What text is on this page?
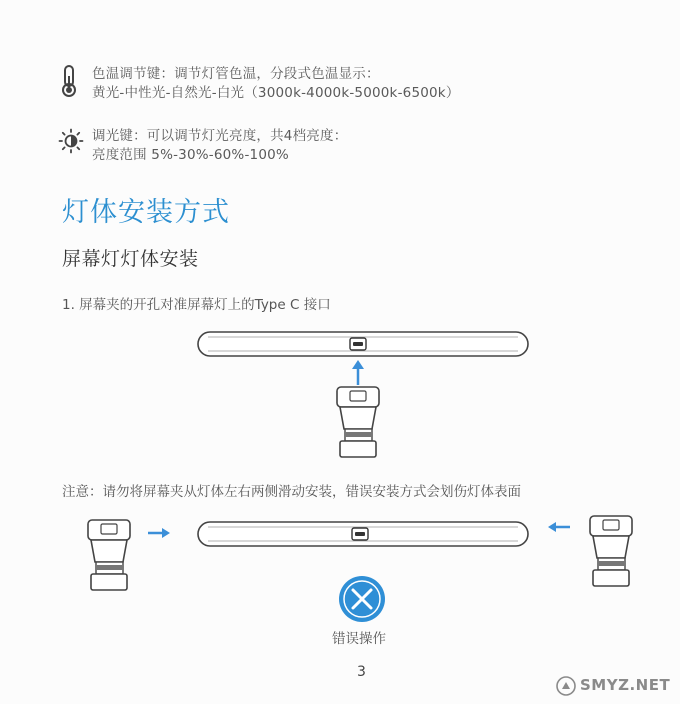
色温调节键：调节灯管色温，分段式色温显示：
黄光-中性光-自然光-白光（3000k-4000k-5000k-6500k）
调光键：可以调节灯光亮度，共4档亮度：
亮度范围 5%-30%-60%-100%
灯体安装方式
屏幕灯灯体安装
1. 屏幕夹的开孔对准屏幕灯上的Type C 接口
注意：请勿将屏幕夹从灯体左右两侧滑动安装，错误安装方式会划伤灯体表面
错误操作
3
SMYZ.NET
